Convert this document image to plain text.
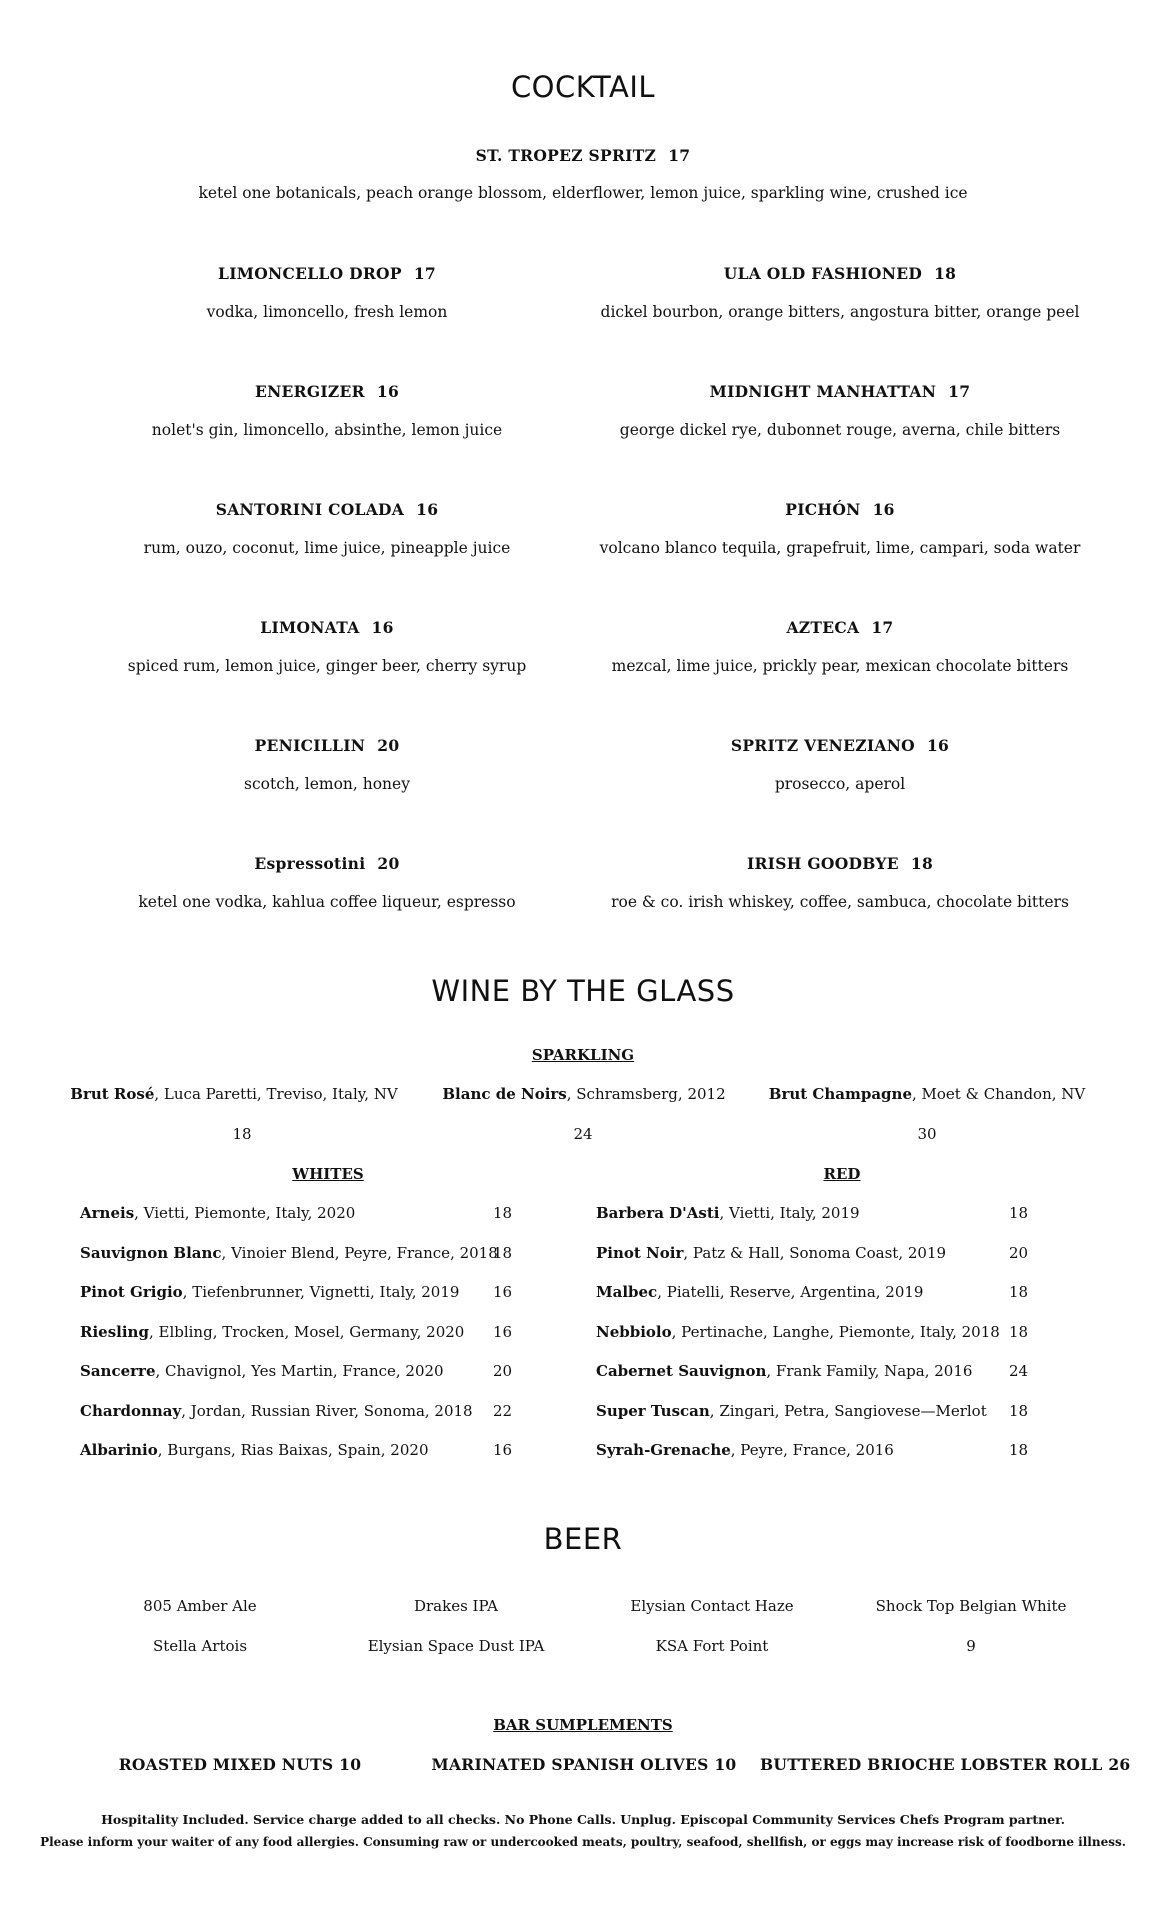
COCKTAIL
ST. TROPEZ SPRITZ 17
ketel one botanicals, peach orange blossom, elderflower, lemon juice, sparkling wine, crushed ice
LIMONCELLO DROP 17
vodka, limoncello, fresh lemon
ENERGIZER 16
nolet's gin, limoncello, absinthe, lemon juice
SANTORINI COLADA 16
rum, ouzo, coconut, lime juice, pineapple juice
LIMONATA 16
spiced rum, lemon juice, ginger beer, cherry syrup
PENICILLIN 20
scotch, lemon, honey
Espressotini 20
ketel one vodka, kahlua coffee liqueur, espresso
ULA OLD FASHIONED 18
dickel bourbon, orange bitters, angostura bitter, orange peel
MIDNIGHT MANHATTAN 17
george dickel rye, dubonnet rouge, averna, chile bitters
PICHÓN 16
volcano blanco tequila, grapefruit, lime, campari, soda water
AZTECA 17
mezcal, lime juice, prickly pear, mexican chocolate bitters
SPRITZ VENEZIANO 16
prosecco, aperol
IRISH GOODBYE 18
roe & co. irish whiskey, coffee, sambuca, chocolate bitters
WINE BY THE GLASS
SPARKLING
Brut Rosé, Luca Paretti, Treviso, Italy, NV	Blanc de Noirs, Schramsberg, 2012	Brut Champagne, Moet & Chandon, NV
18	24	30
WHITES	RED
Arneis, Vietti, Piemonte, Italy, 2020	18
Sauvignon Blanc, Vinoier Blend, Peyre, France, 2018
18
Pinot Grigio, Tiefenbrunner, Vignetti, Italy, 2019 16
Riesling, Elbling, Trocken, Mosel, Germany, 2020 16
Sancerre, Chavignol, Yes Martin, France, 2020	20
Chardonnay, Jordan, Russian River, Sonoma, 2018 22
Albarinio, Burgans, Rias Baixas, Spain, 2020	16
Barbera D'Asti, Vietti, Italy, 2019	18
Pinot Noir, Patz & Hall, Sonoma Coast, 2019	20
Malbec, Piatelli, Reserve, Argentina, 2019	18
Nebbiolo, Pertinache, Langhe, Piemonte, Italy, 2018 18
Cabernet Sauvignon, Frank Family, Napa, 2016 24
Super Tuscan, Zingari, Petra, Sangiovese—Merlot 18
Syrah-Grenache, Peyre, France, 2016	18
BEER
805 Amber Ale	Drakes IPA	Elysian Contact Haze	Shock Top Belgian White
Stella Artois	Elysian Space Dust IPA	KSA Fort Point	9
BAR SUMPLEMENTS
ROASTED MIXED NUTS 10	MARINATED SPANISH OLIVES 10	BUTTERED BRIOCHE LOBSTER ROLL 26
Hospitality Included. Service charge added to all checks. No Phone Calls. Unplug. Episcopal Community Services Chefs Program partner.
Please inform your waiter of any food allergies. Consuming raw or undercooked meats, poultry, seafood, shellfish, or eggs may increase risk of foodborne illness.
